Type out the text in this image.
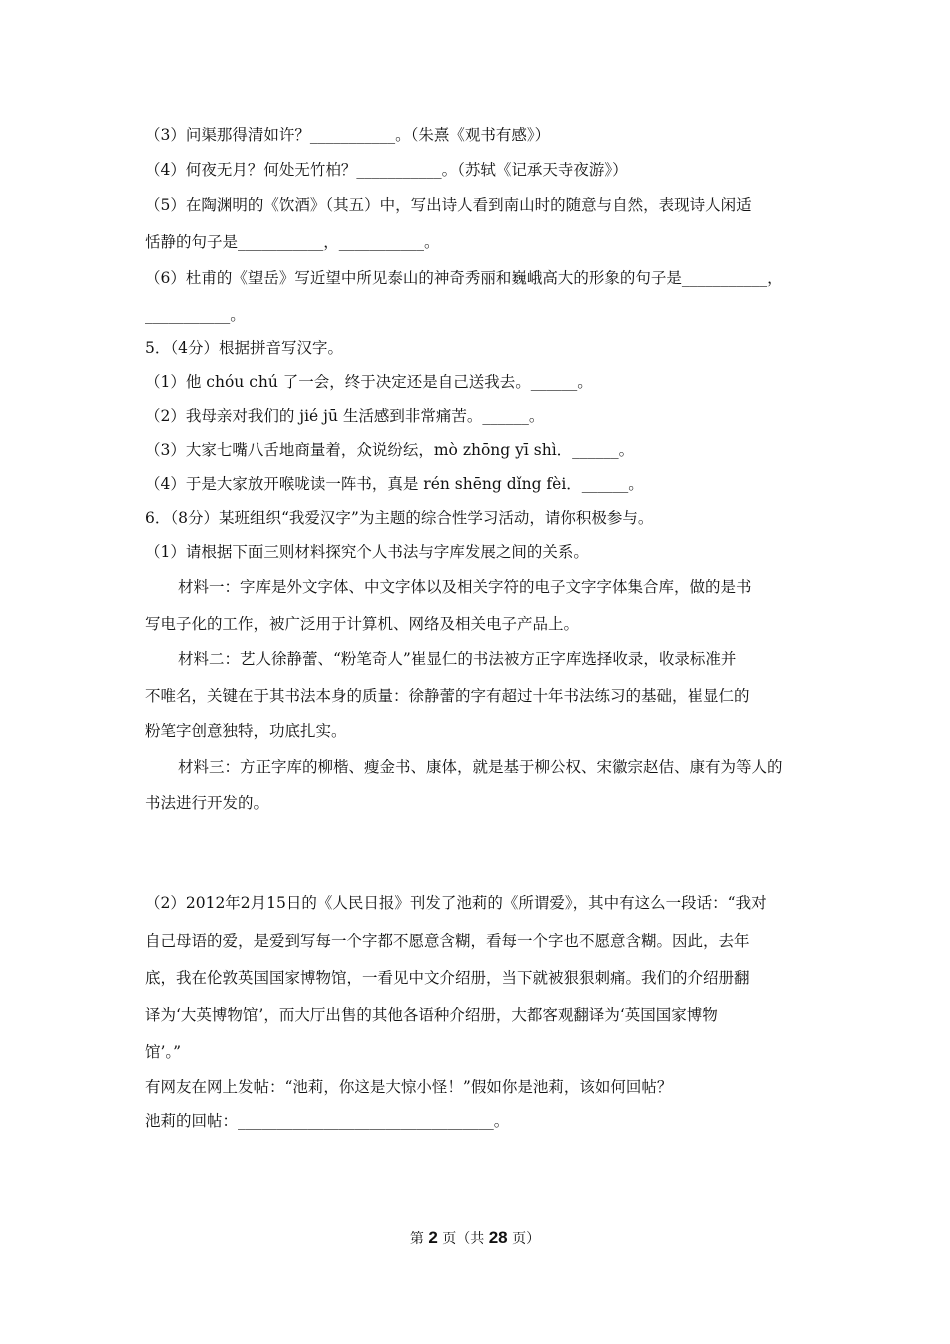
（3）问渠那得清如许？___________。（朱熹《观书有感》）
（4）何夜无月？何处无竹柏？___________。（苏轼《记承天寺夜游》）
（5）在陶渊明的《饮酒》（其五）中，写出诗人看到南山时的随意与自然，表现诗人闲适
恬静的句子是___________，___________。
（6）杜甫的《望岳》写近望中所见泰山的神奇秀丽和巍峨高大的形象的句子是___________，
___________。
5．（4分）根据拼音写汉字。
（1）他 chóu chú 了一会，终于决定还是自己送我去。______。
（2）我母亲对我们的 jié jū 生活感到非常痛苦。______。
（3）大家七嘴八舌地商量着，众说纷纭，mò zhōng yī shì．______。
（4）于是大家放开喉咙读一阵书，真是 rén shēng dǐng fèi．______。
6．（8分）某班组织“我爱汉字”为主题的综合性学习活动，请你积极参与。
（1）请根据下面三则材料探究个人书法与字库发展之间的关系。
材料一：字库是外文字体、中文字体以及相关字符的电子文字字体集合库，做的是书
写电子化的工作，被广泛用于计算机、网络及相关电子产品上。
材料二：艺人徐静蕾、“粉笔奇人”崔显仁的书法被方正字库选择收录，收录标准并
不唯名，关键在于其书法本身的质量：徐静蕾的字有超过十年书法练习的基础，崔显仁的
粉笔字创意独特，功底扎实。
材料三：方正字库的柳楷、瘦金书、康体，就是基于柳公权、宋徽宗赵佶、康有为等人的
书法进行开发的。
（2）2012年2月15日的《人民日报》刊发了池莉的《所谓爱》，其中有这么一段话：“我对
自己母语的爱，是爱到写每一个字都不愿意含糊，看每一个字也不愿意含糊。因此，去年
底，我在伦敦英国国家博物馆，一看见中文介绍册，当下就被狠狠刺痛。我们的介绍册翻
译为‘大英博物馆’，而大厅出售的其他各语种介绍册，大都客观翻译为‘英国国家博物
馆’。”
有网友在网上发帖：“池莉，你这是大惊小怪！”假如你是池莉，该如何回帖？
池莉的回帖：_________________________________。
第 2 页（共 28 页）
